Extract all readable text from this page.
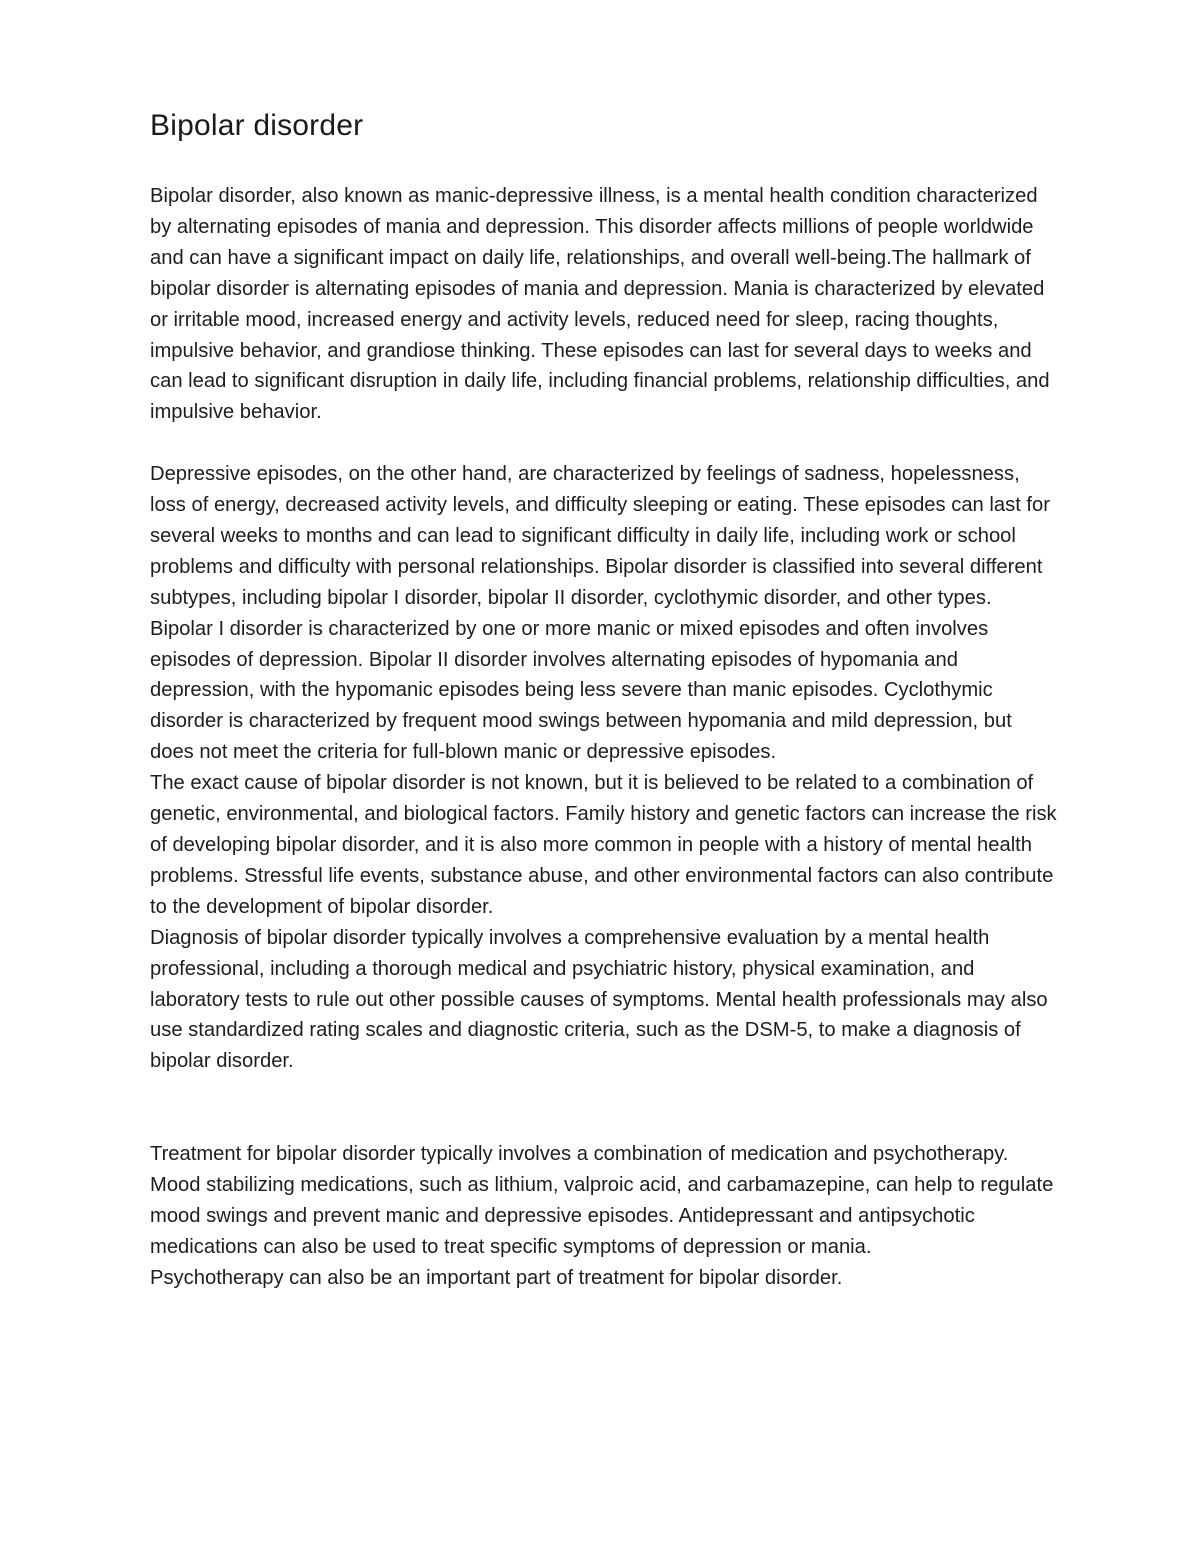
Bipolar disorder

Bipolar disorder, also known as manic-depressive illness, is a mental health condition characterized by alternating episodes of mania and depression. This disorder affects millions of people worldwide and can have a significant impact on daily life, relationships, and overall well-being.The hallmark of bipolar disorder is alternating episodes of mania and depression. Mania is characterized by elevated or irritable mood, increased energy and activity levels, reduced need for sleep, racing thoughts, impulsive behavior, and grandiose thinking. These episodes can last for several days to weeks and can lead to significant disruption in daily life, including financial problems, relationship difficulties, and impulsive behavior.

Depressive episodes, on the other hand, are characterized by feelings of sadness, hopelessness, loss of energy, decreased activity levels, and difficulty sleeping or eating. These episodes can last for several weeks to months and can lead to significant difficulty in daily life, including work or school problems and difficulty with personal relationships. Bipolar disorder is classified into several different subtypes, including bipolar I disorder, bipolar II disorder, cyclothymic disorder, and other types. Bipolar I disorder is characterized by one or more manic or mixed episodes and often involves episodes of depression. Bipolar II disorder involves alternating episodes of hypomania and depression, with the hypomanic episodes being less severe than manic episodes. Cyclothymic disorder is characterized by frequent mood swings between hypomania and mild depression, but does not meet the criteria for full-blown manic or depressive episodes.

The exact cause of bipolar disorder is not known, but it is believed to be related to a combination of genetic, environmental, and biological factors. Family history and genetic factors can increase the risk of developing bipolar disorder, and it is also more common in people with a history of mental health problems. Stressful life events, substance abuse, and other environmental factors can also contribute to the development of bipolar disorder.

Diagnosis of bipolar disorder typically involves a comprehensive evaluation by a mental health professional, including a thorough medical and psychiatric history, physical examination, and laboratory tests to rule out other possible causes of symptoms. Mental health professionals may also use standardized rating scales and diagnostic criteria, such as the DSM-5, to make a diagnosis of bipolar disorder.

Treatment for bipolar disorder typically involves a combination of medication and psychotherapy. Mood stabilizing medications, such as lithium, valproic acid, and carbamazepine, can help to regulate mood swings and prevent manic and depressive episodes. Antidepressant and antipsychotic medications can also be used to treat specific symptoms of depression or mania.

Psychotherapy can also be an important part of treatment for bipolar disorder.
